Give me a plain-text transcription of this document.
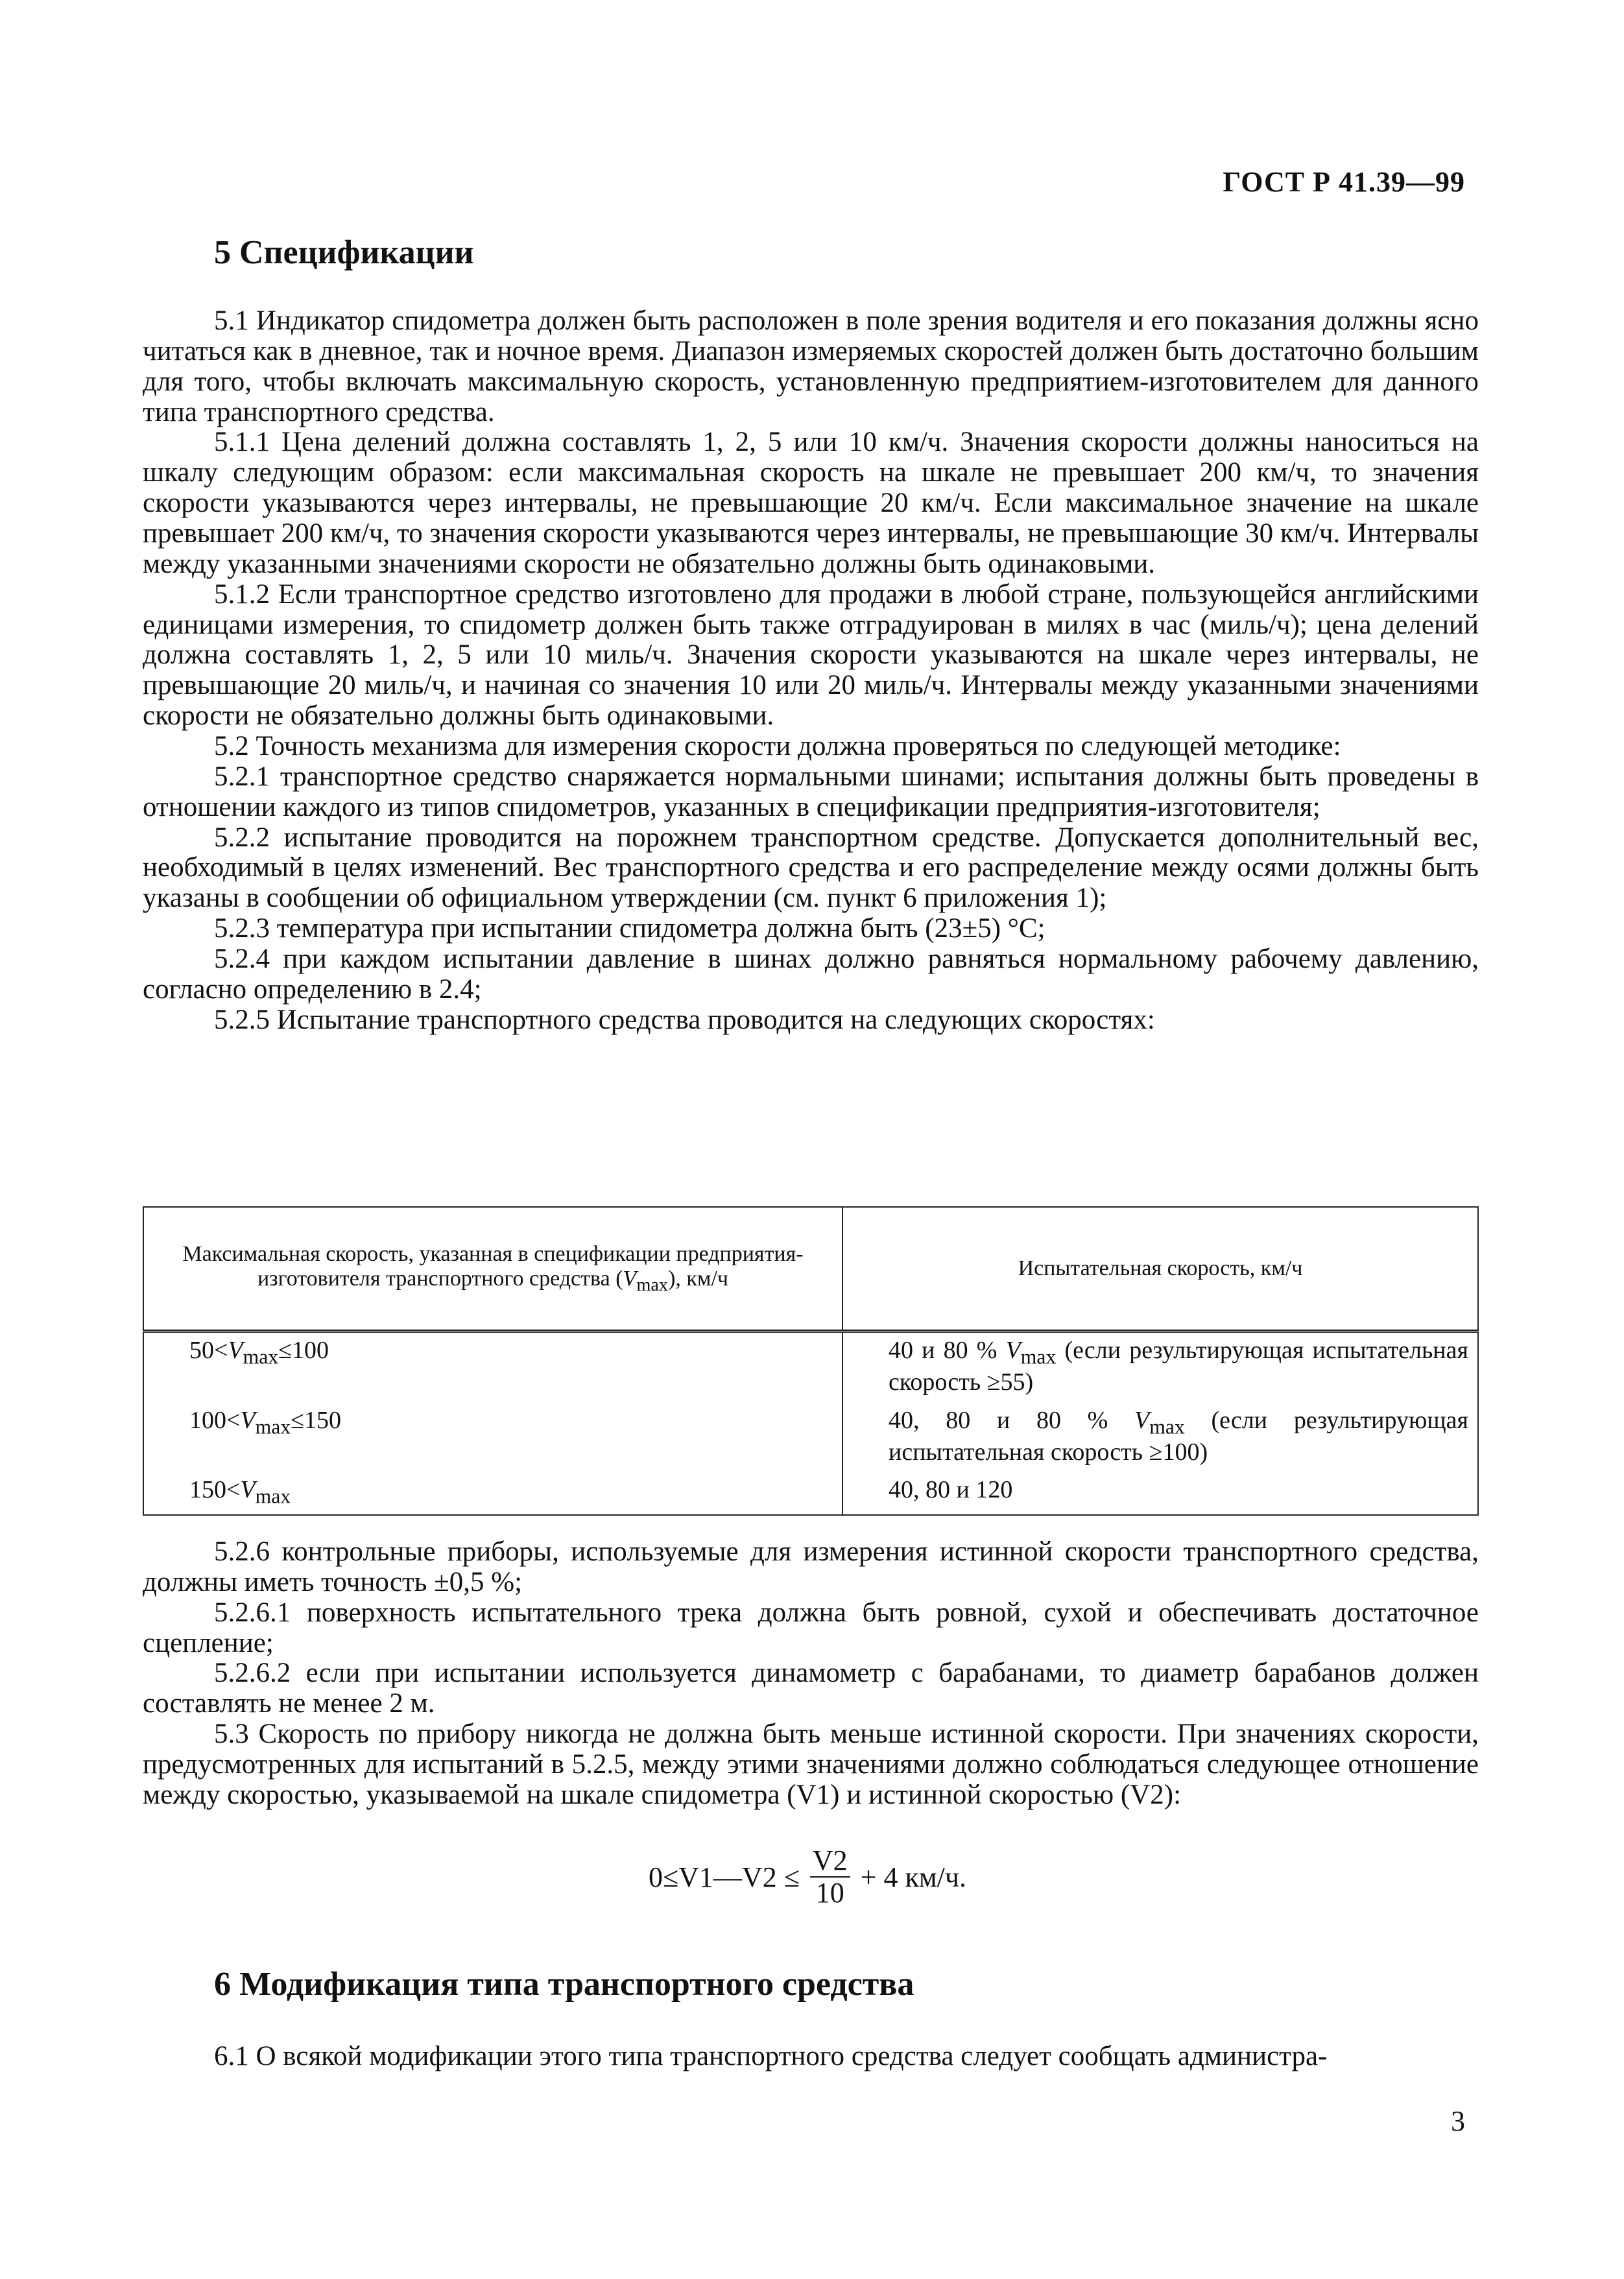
ГОСТ Р 41.39—99
5 Спецификации

5.1 Индикатор спидометра должен быть расположен в поле зрения водителя и его показания должны ясно читаться как в дневное, так и ночное время. Диапазон измеряемых скоростей должен быть достаточно большим для того, чтобы включать максимальную скорость, установленную предприятием-изготовителем для данного типа транспортного средства.

5.1.1 Цена делений должна составлять 1, 2, 5 или 10 км/ч. Значения скорости должны наноситься на шкалу следующим образом: если максимальная скорость на шкале не превышает 200 км/ч, то значения скорости указываются через интервалы, не превышающие 20 км/ч. Если максимальное значение на шкале превышает 200 км/ч, то значения скорости указываются через интервалы, не превышающие 30 км/ч. Интервалы между указанными значениями скорости не обязательно должны быть одинаковыми.

5.1.2 Если транспортное средство изготовлено для продажи в любой стране, пользующейся английскими единицами измерения, то спидометр должен быть также отградуирован в милях в час (миль/ч); цена делений должна составлять 1, 2, 5 или 10 миль/ч. Значения скорости указываются на шкале через интервалы, не превышающие 20 миль/ч, и начиная со значения 10 или 20 миль/ч. Интервалы между указанными значениями скорости не обязательно должны быть одинаковыми.

5.2 Точность механизма для измерения скорости должна проверяться по следующей методике:

5.2.1 транспортное средство снаряжается нормальными шинами; испытания должны быть проведены в отношении каждого из типов спидометров, указанных в спецификации предприятия-изготовителя;

5.2.2 испытание проводится на порожнем транспортном средстве. Допускается дополнительный вес, необходимый в целях изменений. Вес транспортного средства и его распределение между осями должны быть указаны в сообщении об официальном утверждении (см. пункт 6 приложения 1);

5.2.3 температура при испытании спидометра должна быть (23±5) °С;

5.2.4 при каждом испытании давление в шинах должно равняться нормальному рабочему давлению, согласно определению в 2.4;

5.2.5 Испытание транспортного средства проводится на следующих скоростях:

Максимальная скорость, указанная в спецификации предприятия-изготовителя транспортного средства $(V_{max})$, км/ч	Испытательная скорость, км/ч
$50<V_{max}\le 100$	40 и 80 % $V_{max}$ (если результирующая испытательная скорость ≥55)
$100<V_{max}\le 150$	40, 80 и 80 % $V_{max}$ (если результирующая испытательная скорость ≥100)
$150<V_{max}$	40, 80 и 120

5.2.6 контрольные приборы, используемые для измерения истинной скорости транспортного средства, должны иметь точность ±0,5 %;

5.2.6.1 поверхность испытательного трека должна быть ровной, сухой и обеспечивать достаточное сцепление;

5.2.6.2 если при испытании используется динамометр с барабанами, то диаметр барабанов должен составлять не менее 2 м.

5.3 Скорость по прибору никогда не должна быть меньше истинной скорости. При значениях скорости, предусмотренных для испытаний в 5.2.5, между этими значениями должно соблюдаться следующее отношение между скоростью, указываемой на шкале спидометра (V1) и истинной скоростью (V2):

0≤V1—V2 ≤ $\frac{V2}{10} + 4$ км/ч.
6 Модификация типа транспортного средства

6.1 О всякой модификации этого типа транспортного средства следует сообщать администра-

3
